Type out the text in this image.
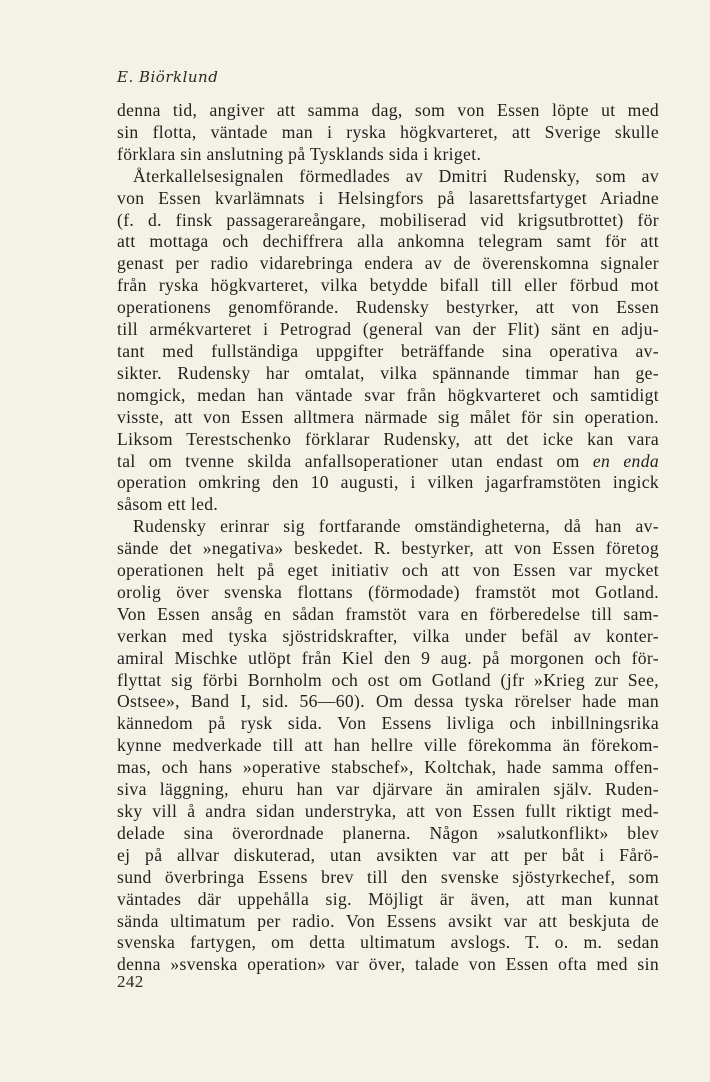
E. Biörklund
denna tid, angiver att samma dag, som von Essen löpte ut med
sin flotta, väntade man i ryska högkvarteret, att Sverige skulle
förklara sin anslutning på Tysklands sida i kriget.
Återkallelsesignalen förmedlades av Dmitri Rudensky, som av
von Essen kvarlämnats i Helsingfors på lasarettsfartyget Ariadne
(f. d. finsk passagerareångare, mobiliserad vid krigsutbrottet) för
att mottaga och dechiffrera alla ankomna telegram samt för att
genast per radio vidarebringa endera av de överenskomna signaler
från ryska högkvarteret, vilka betydde bifall till eller förbud mot
operationens genomförande. Rudensky bestyrker, att von Essen
till armékvarteret i Petrograd (general van der Flit) sänt en adju-
tant med fullständiga uppgifter beträffande sina operativa av-
sikter. Rudensky har omtalat, vilka spännande timmar han ge-
nomgick, medan han väntade svar från högkvarteret och samtidigt
visste, att von Essen alltmera närmade sig målet för sin operation.
Liksom Terestschenko förklarar Rudensky, att det icke kan vara
tal om tvenne skilda anfallsoperationer utan endast om en enda
operation omkring den 10 augusti, i vilken jagarframstöten ingick
såsom ett led.
Rudensky erinrar sig fortfarande omständigheterna, då han av-
sände det »negativa» beskedet. R. bestyrker, att von Essen företog
operationen helt på eget initiativ och att von Essen var mycket
orolig över svenska flottans (förmodade) framstöt mot Gotland.
Von Essen ansåg en sådan framstöt vara en förberedelse till sam-
verkan med tyska sjöstridskrafter, vilka under befäl av konter-
amiral Mischke utlöpt från Kiel den 9 aug. på morgonen och för-
flyttat sig förbi Bornholm och ost om Gotland (jfr »Krieg zur See,
Ostsee», Band I, sid. 56—60). Om dessa tyska rörelser hade man
kännedom på rysk sida. Von Essens livliga och inbillningsrika
kynne medverkade till att han hellre ville förekomma än förekom-
mas, och hans »operative stabschef», Koltchak, hade samma offen-
siva läggning, ehuru han var djärvare än amiralen själv. Ruden-
sky vill å andra sidan understryka, att von Essen fullt riktigt med-
delade sina överordnade planerna. Någon »salutkonflikt» blev
ej på allvar diskuterad, utan avsikten var att per båt i Fårö-
sund överbringa Essens brev till den svenske sjöstyrkechef, som
väntades där uppehålla sig. Möjligt är även, att man kunnat
sända ultimatum per radio. Von Essens avsikt var att beskjuta de
svenska fartygen, om detta ultimatum avslogs. T. o. m. sedan
denna »svenska operation» var över, talade von Essen ofta med sin
242
